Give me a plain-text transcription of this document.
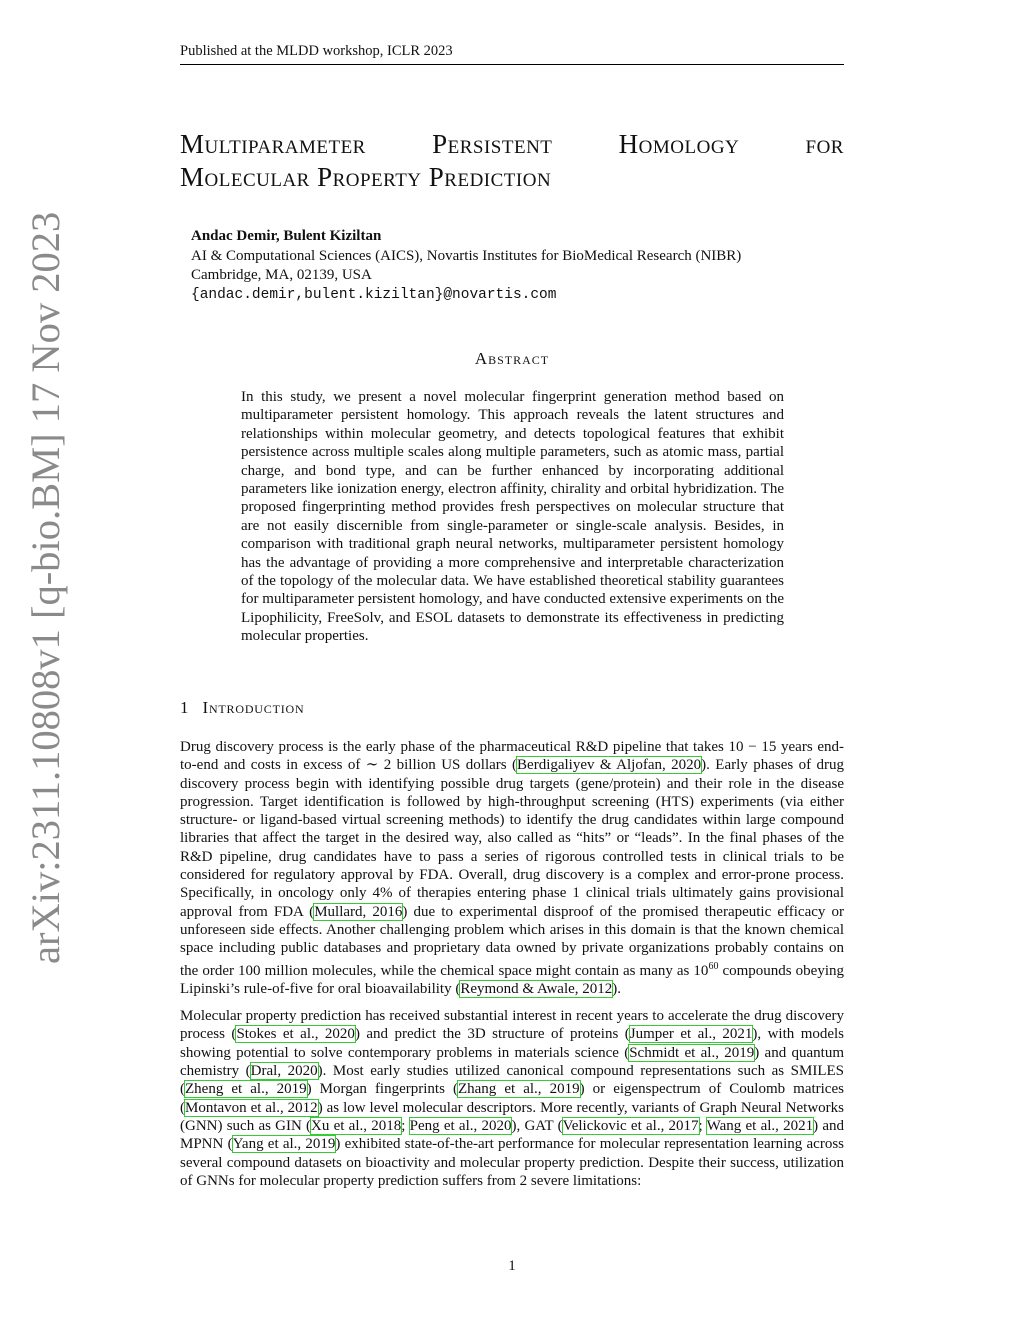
Published at the MLDD workshop, ICLR 2023
arXiv:2311.10808v1 [q-bio.BM] 17 Nov 2023
Multiparameter Persistent Homology for
Molecular Property Prediction
Andac Demir, Bulent Kiziltan
AI & Computational Sciences (AICS), Novartis Institutes for BioMedical Research (NIBR)
Cambridge, MA, 02139, USA
{andac.demir,bulent.kiziltan}@novartis.com
Abstract
In this study, we present a novel molecular fingerprint generation method based on multiparameter persistent homology. This approach reveals the latent structures and relationships within molecular geometry, and detects topological features that exhibit persistence across multiple scales along multiple parameters, such as atomic mass, partial charge, and bond type, and can be further enhanced by incorporating additional parameters like ionization energy, electron affinity, chirality and orbital hybridization. The proposed fingerprinting method provides fresh perspectives on molecular structure that are not easily discernible from single-parameter or single-scale analysis. Besides, in comparison with traditional graph neural networks, multiparameter persistent homology has the advantage of providing a more comprehensive and interpretable characterization of the topology of the molecular data. We have established theoretical stability guarantees for multiparameter persistent homology, and have conducted extensive experiments on the Lipophilicity, FreeSolv, and ESOL datasets to demonstrate its effectiveness in predicting molecular properties.
1 Introduction

Drug discovery process is the early phase of the pharmaceutical R&D pipeline that takes 10 − 15 years end-to-end and costs in excess of ∼ 2 billion US dollars (Berdigaliyev & Aljofan, 2020). Early phases of drug discovery process begin with identifying possible drug targets (gene/protein) and their role in the disease progression. Target identification is followed by high-throughput screening (HTS) experiments (via either structure- or ligand-based virtual screening methods) to identify the drug candidates within large compound libraries that affect the target in the desired way, also called as “hits” or “leads”. In the final phases of the R&D pipeline, drug candidates have to pass a series of rigorous controlled tests in clinical trials to be considered for regulatory approval by FDA. Overall, drug discovery is a complex and error-prone process. Specifically, in oncology only 4% of therapies entering phase 1 clinical trials ultimately gains provisional approval from FDA (Mullard, 2016) due to experimental disproof of the promised therapeutic efficacy or unforeseen side effects. Another challenging problem which arises in this domain is that the known chemical space including public databases and proprietary data owned by private organizations probably contains on the order 100 million molecules, while the chemical space might contain as many as $10^{60}$ compounds obeying Lipinski’s rule-of-five for oral bioavailability (Reymond & Awale, 2012).

Molecular property prediction has received substantial interest in recent years to accelerate the drug discovery process (Stokes et al., 2020) and predict the 3D structure of proteins (Jumper et al., 2021), with models showing potential to solve contemporary problems in materials science (Schmidt et al., 2019) and quantum chemistry (Dral, 2020). Most early studies utilized canonical compound representations such as SMILES (Zheng et al., 2019) Morgan fingerprints (Zhang et al., 2019) or eigenspectrum of Coulomb matrices (Montavon et al., 2012) as low level molecular descriptors. More recently, variants of Graph Neural Networks (GNN) such as GIN (Xu et al., 2018; Peng et al., 2020), GAT (Velickovic et al., 2017; Wang et al., 2021) and MPNN (Yang et al., 2019) exhibited state-of-the-art performance for molecular representation learning across several compound datasets on bioactivity and molecular property prediction. Despite their success, utilization of GNNs for molecular property prediction suffers from 2 severe limitations:

1
